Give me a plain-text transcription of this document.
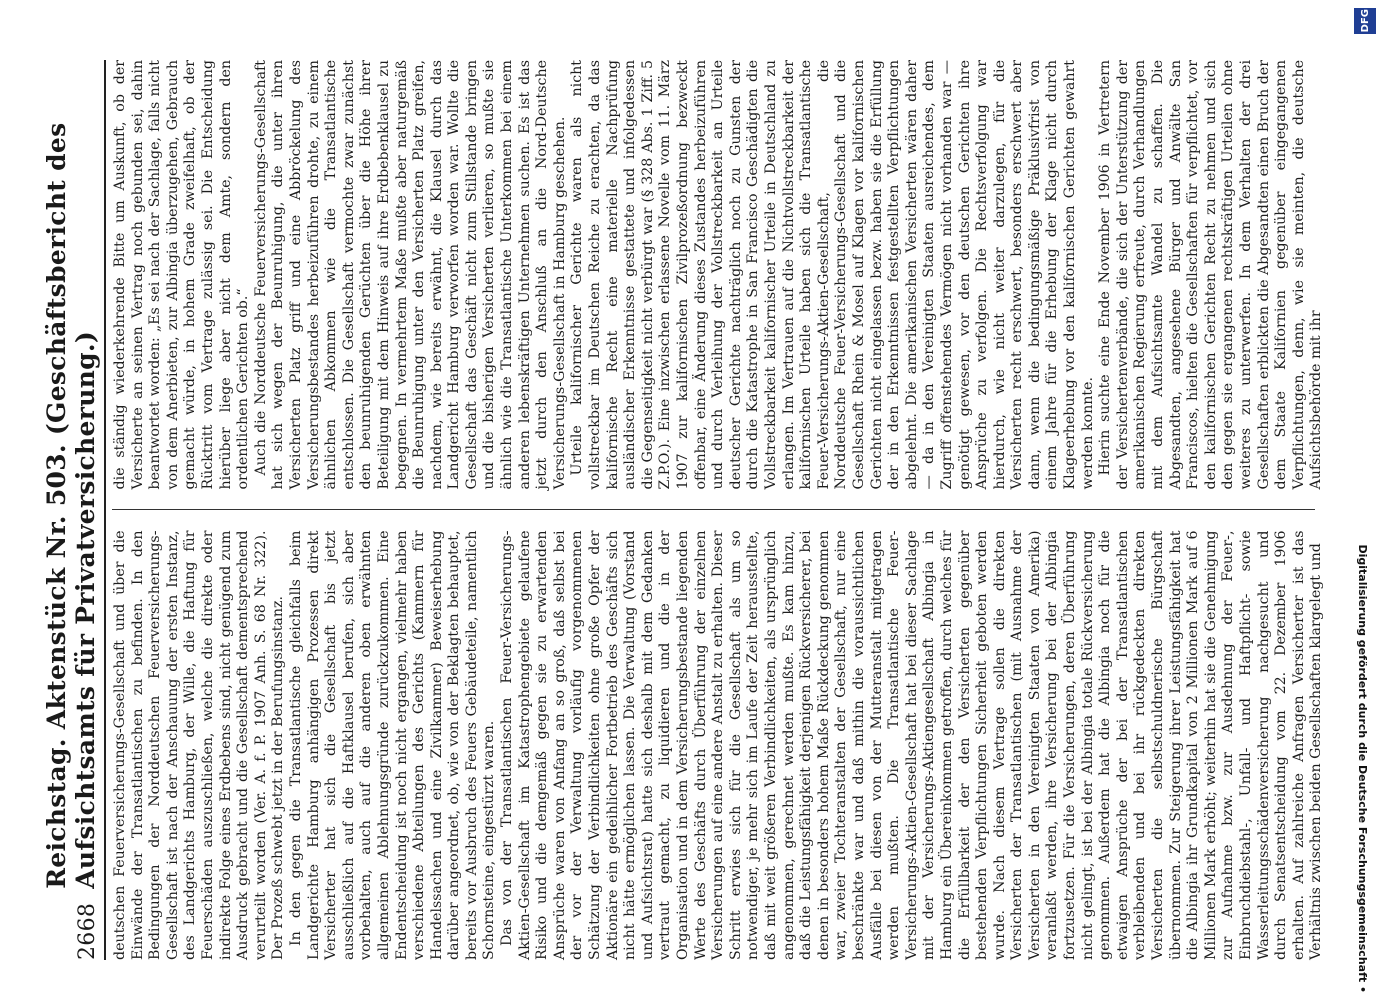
2668
Reichstag. Aktenstück Nr. 503. (Geschäftsbericht des Aufsichtsamts für Privatversicherung.) deutschen Feuerversicherungs-Gesellschaft und über die Einwände der Transatlantischen zu befinden. In den Bedingungen der Norddeutschen Feuerversicherungs-Gesellschaft ist nach der Anschauung der ersten Instanz, des Landgerichts Hamburg, der Wille, die Haftung für Feuerschäden auszuschließen, welche die direkte oder indirekte Folge eines Erdbebens sind, nicht genügend zum Ausdruck gebracht und die Gesellschaft dementsprechend verurteilt worden (Ver. A. f. P. 1907 Anh. S. 68 Nr. 322). Der Prozeß schwebt jetzt in der Berufungsinstanz. In den gegen die Transatlantische gleichfalls beim Landgerichte Hamburg anhängigen Prozessen direkt Versicherter hat sich die Gesellschaft bis jetzt ausschließlich auf die Haftklausel berufen, sich aber vorbehalten, auch auf die anderen oben erwähnten allgemeinen Ablehnungsgründe zurückzukommen. Eine Endentscheidung ist noch nicht ergangen, vielmehr haben verschiedene Abteilungen des Gerichts (Kammern für Handelssachen und eine Zivilkammer) Beweiserhebung darüber angeordnet, ob, wie von der Beklagten behauptet, bereits vor Ausbruch des Feuers Gebäudeteile, namentlich Schornsteine, eingestürzt waren. Das von der Transatlantischen Feuer-Versicherungs-Aktien-Gesellschaft im Katastrophengebiete gelaufene Risiko und die demgemäß gegen sie zu erwartenden Ansprüche waren von Anfang an so groß, daß selbst bei der vor der Verwaltung vorläufig vorgenommenen Schätzung der Verbindlichkeiten ohne große Opfer der Aktionäre ein gedeihlicher Fortbetrieb des Geschäfts sich nicht hätte ermöglichen lassen. Die Verwaltung (Vorstand und Aufsichtsrat) hatte sich deshalb mit dem Gedanken vertraut gemacht, zu liquidieren und die in der Organisation und in dem Versicherungsbestande liegenden Werte des Geschäfts durch Überführung der einzelnen Versicherungen auf eine andere Anstalt zu erhalten. Dieser Schritt erwies sich für die Gesellschaft als um so notwendiger, je mehr sich im Laufe der Zeit herausstellte, daß mit weit größeren Verbindlichkeiten, als ursprünglich angenommen, gerechnet werden mußte. Es kam hinzu, daß die Leistungsfähigkeit derjenigen Rückversicherer, bei denen in besonders hohem Maße Rückdeckung genommen war, zweier Tochteranstalten der Gesellschaft, nur eine beschränkte war und daß mithin die voraussichtlichen Ausfälle bei diesen von der Mutteranstalt mitgetragen werden mußten. Die Transatlantische Feuer-Versicherungs-Aktien-Gesellschaft hat bei dieser Sachlage mit der Versicherungs-Aktiengesellschaft Albingia in Hamburg ein Übereinkommen getroffen, durch welches für die Erfüllbarkeit der den Versicherten gegenüber bestehenden Verpflichtungen Sicherheit geboten werden wurde. Nach diesem Vertrage sollen die direkten Versicherten der Transatlantischen (mit Ausnahme der Versicherten in den Vereinigten Staaten von Amerika) veranlaßt werden, ihre Versicherung bei der Albingia fortzusetzen. Für die Versicherungen, deren Überführung nicht gelingt, ist bei der Albingia totale Rückversicherung genommen. Außerdem hat die Albingia noch für die etwaigen Ansprüche der bei der Transatlantischen verbleibenden und bei ihr rückgedeckten direkten Versicherten die selbstschuldnerische Bürgschaft übernommen. Zur Steigerung ihrer Leistungsfähigkeit hat die Albingia ihr Grundkapital von 2 Millionen Mark auf 6 Millionen Mark erhöht; weiterhin hat sie die Genehmigung zur Aufnahme bzw. zur Ausdehnung der Feuer-, Einbruchdiebstahl-, Unfall- und Haftpflicht- sowie Wasserleitungsschädenversicherung nachgesucht und durch Senatsentscheidung vom 22. Dezember 1906 erhalten. Auf zahlreiche Anfragen Versicherter ist das Verhältnis zwischen beiden Gesellschaften klargelegt und

die ständig wiederkehrende Bitte um Auskunft, ob der Versicherte an seinen Vertrag noch gebunden sei, dahin beantwortet worden: „Es sei nach der Sachlage, falls nicht von dem Anerbieten, zur Albingia überzugehen, Gebrauch gemacht würde, in hohem Grade zweifelhaft, ob der Rücktritt vom Vertrage zulässig sei. Die Entscheidung hierüber liege aber nicht dem Amte, sondern den ordentlichen Gerichten ob.“ Auch die Norddeutsche Feuerversicherungs-Gesellschaft hat sich wegen der Beunruhigung, die unter ihren Versicherten Platz griff und eine Abbröckelung des Versicherungsbestandes herbeizuführen drohte, zu einem ähnlichen Abkommen wie die Transatlantische entschlossen. Die Gesellschaft vermochte zwar zunächst den beunruhigenden Gerüchten über die Höhe ihrer Beteiligung mit dem Hinweis auf ihre Erdbebenklausel zu begegnen. In vermehrtem Maße mußte aber naturgemäß die Beunruhigung unter den Versicherten Platz greifen, nachdem, wie bereits erwähnt, die Klausel durch das Landgericht Hamburg verworfen worden war. Wollte die Gesellschaft das Geschäft nicht zum Stillstande bringen und die bisherigen Versicherten verlieren, so mußte sie ähnlich wie die Transatlantische Unterkommen bei einem anderen lebenskräftigen Unternehmen suchen. Es ist das jetzt durch den Anschluß an die Nord-Deutsche Versicherungs-Gesellschaft in Hamburg geschehen. Urteile kalifornischer Gerichte waren als nicht vollstreckbar im Deutschen Reiche zu erachten, da das kalifornische Recht eine materielle Nachprüfung ausländischer Erkenntnisse gestattete und infolgedessen die Gegenseitigkeit nicht verbürgt war (§ 328 Abs. 1 Ziff. 5 Z.P.O.). Eine inzwischen erlassene Novelle vom 11. März 1907 zur kalifornischen Zivilprozeßordnung bezweckt offenbar, eine Änderung dieses Zustandes herbeizuführen und durch Verleihung der Vollstreckbarkeit an Urteile deutscher Gerichte nachträglich noch zu Gunsten der durch die Katastrophe in San Francisco Geschädigten die Vollstreckbarkeit kalifornischer Urteile in Deutschland zu erlangen. Im Vertrauen auf die Nichtvollstreckbarkeit der kalifornischen Urteile haben sich die Transatlantische Feuer-Versicherungs-Aktien-Gesellschaft, die Norddeutsche Feuer-Versicherungs-Gesellschaft und die Gesellschaft Rhein & Mosel auf Klagen vor kalifornischen Gerichten nicht eingelassen bezw. haben sie die Erfüllung der in den Erkenntnissen festgestellten Verpflichtungen abgelehnt. Die amerikanischen Versicherten wären daher — da in den Vereinigten Staaten ausreichendes, dem Zugriff offenstehendes Vermögen nicht vorhanden war — genötigt gewesen, vor den deutschen Gerichten ihre Ansprüche zu verfolgen. Die Rechtsverfolgung war hierdurch, wie nicht weiter darzulegen, für die Versicherten recht erschwert, besonders erschwert aber dann, wenn die bedingungsmäßige Präklusivfrist von einem Jahre für die Erhebung der Klage nicht durch Klageerhebung vor den kalifornischen Gerichten gewahrt werden konnte. Hierin suchte eine Ende November 1906 in Vertretern der Versichertenverbände, die sich der Unterstützung der amerikanischen Regierung erfreute, durch Verhandlungen mit dem Aufsichtsamte Wandel zu schaffen. Die Abgesandten, angesehene Bürger und Anwälte San Franciscos, hielten die Gesellschaften für verpflichtet, vor den kalifornischen Gerichten Recht zu nehmen und sich den gegen sie ergangenen rechtskräftigen Urteilen ohne weiteres zu unterwerfen. In dem Verhalten der drei Gesellschaften erblickten die Abgesandten einen Bruch der dem Staate Kalifornien gegenüber eingegangenen Verpflichtungen, denn, wie sie meinten, die deutsche Aufsichtsbehörde mit ihr

Digitalisierung gefördert durch die Deutsche Forschungsgemeinschaft •
DFG
